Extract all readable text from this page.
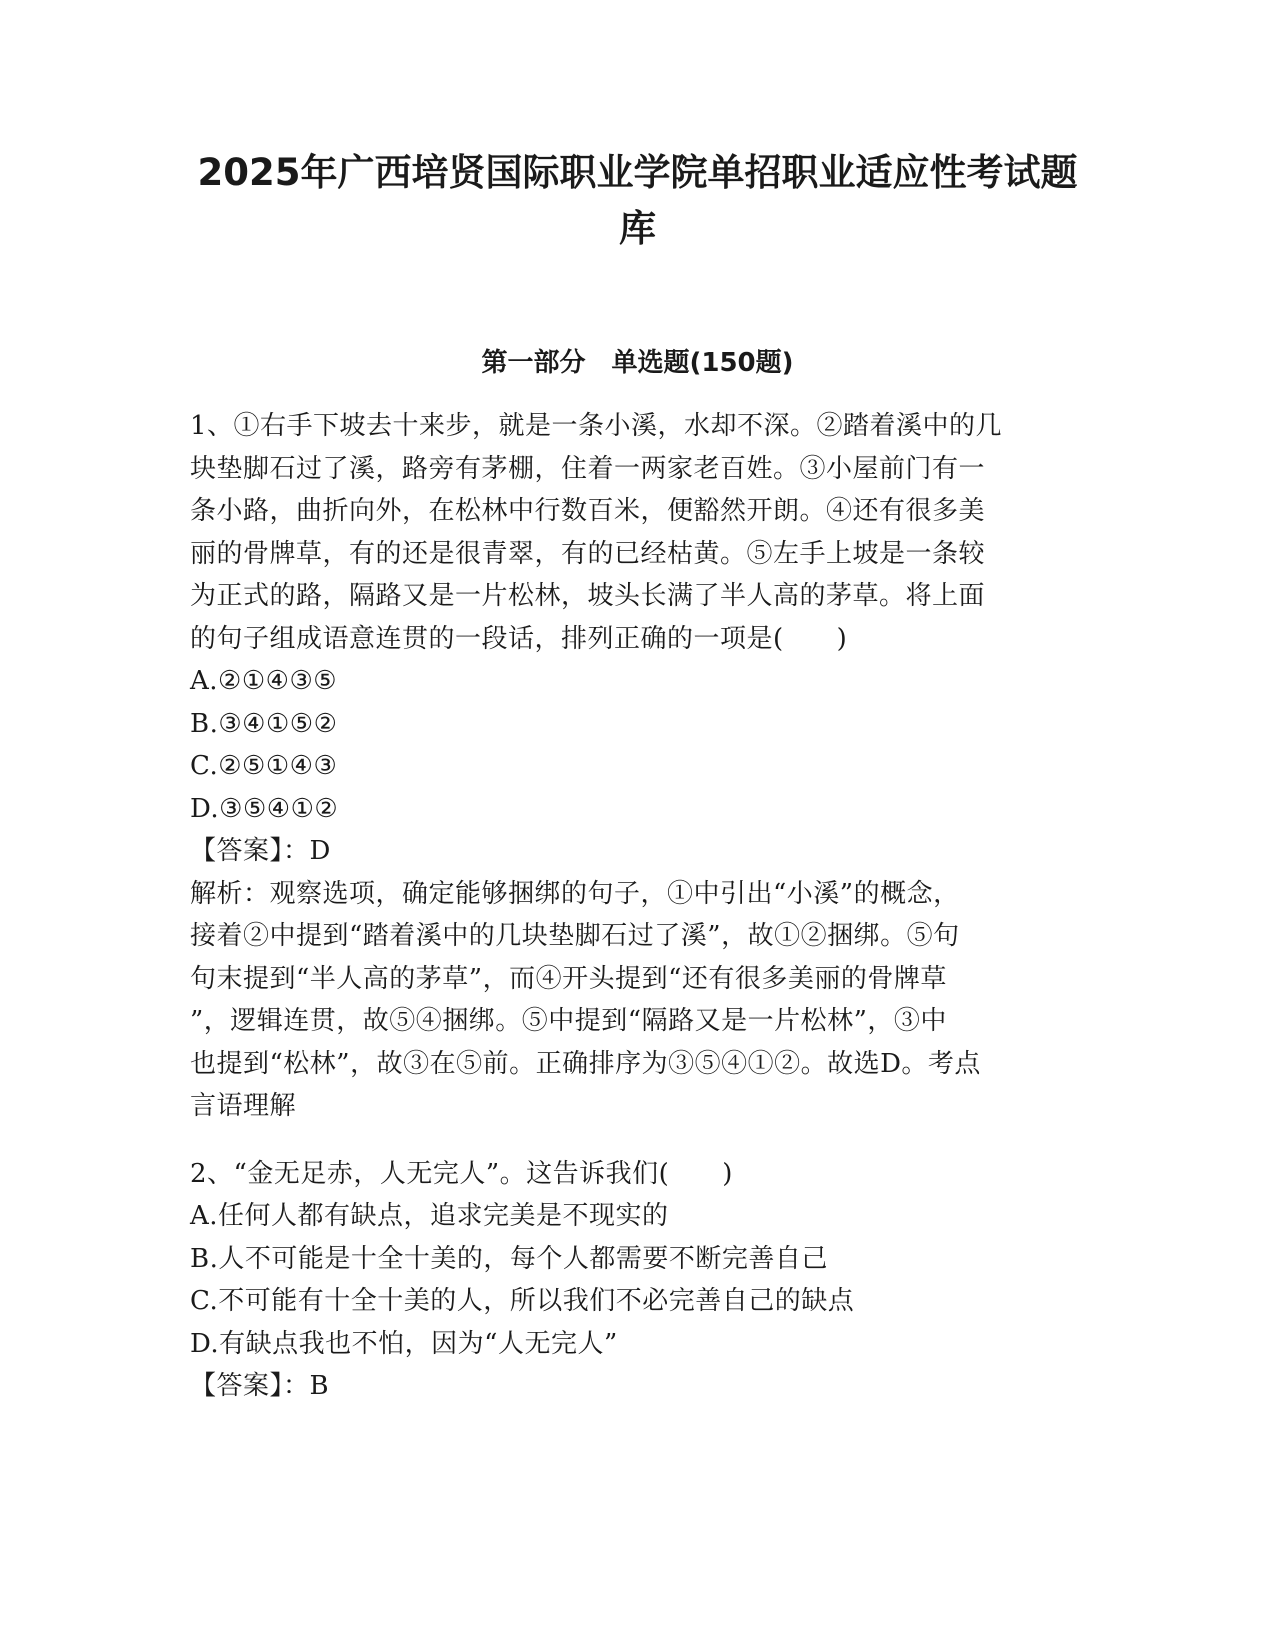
2025年广西培贤国际职业学院单招职业适应性考试题
库
第一部分　单选题(150题)
1、①右手下坡去十来步，就是一条小溪，水却不深。②踏着溪中的几
块垫脚石过了溪，路旁有茅棚，住着一两家老百姓。③小屋前门有一
条小路，曲折向外，在松林中行数百米，便豁然开朗。④还有很多美
丽的骨牌草，有的还是很青翠，有的已经枯黄。⑤左手上坡是一条较
为正式的路，隔路又是一片松林，坡头长满了半人高的茅草。将上面
的句子组成语意连贯的一段话，排列正确的一项是(　　)
A.②①④③⑤
B.③④①⑤②
C.②⑤①④③
D.③⑤④①②
【答案】：D
解析：观察选项，确定能够捆绑的句子，①中引出“小溪”的概念，
接着②中提到“踏着溪中的几块垫脚石过了溪”，故①②捆绑。⑤句
句末提到“半人高的茅草”，而④开头提到“还有很多美丽的骨牌草
”，逻辑连贯，故⑤④捆绑。⑤中提到“隔路又是一片松林”，③中
也提到“松林”，故③在⑤前。正确排序为③⑤④①②。故选D。考点
言语理解
2、“金无足赤，人无完人”。这告诉我们(　　)
A.任何人都有缺点，追求完美是不现实的
B.人不可能是十全十美的，每个人都需要不断完善自己
C.不可能有十全十美的人，所以我们不必完善自己的缺点
D.有缺点我也不怕，因为“人无完人”
【答案】：B
